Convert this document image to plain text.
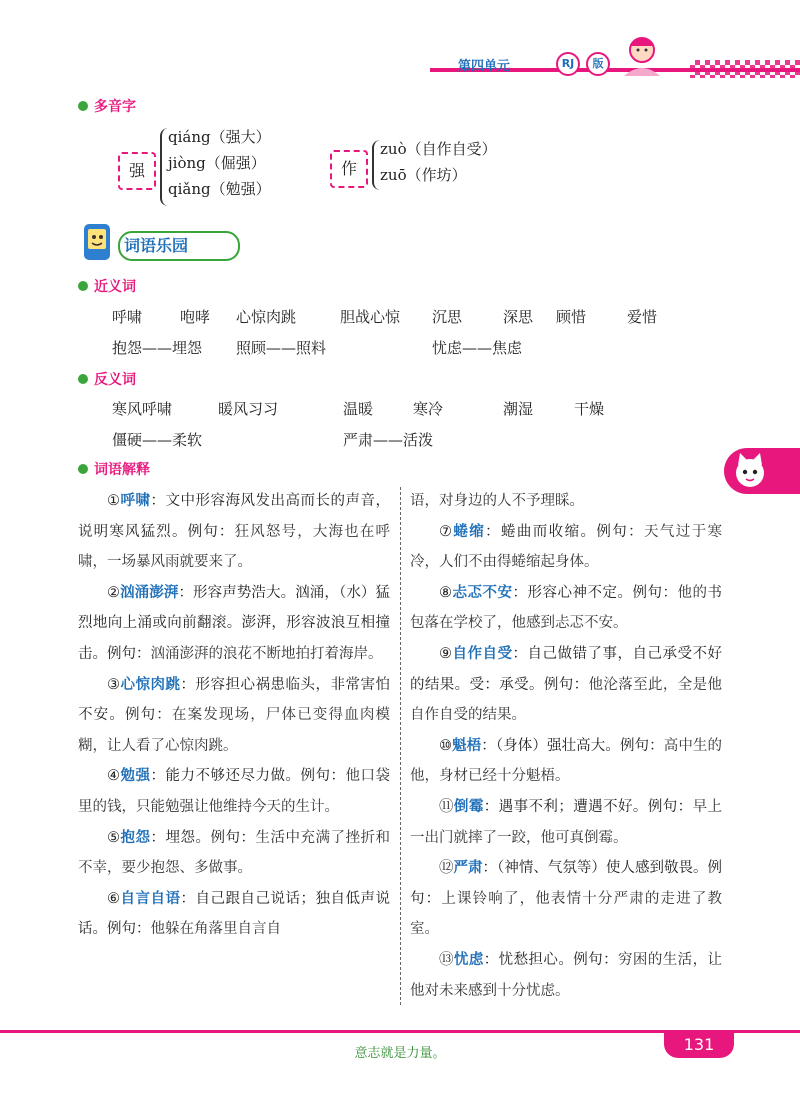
第四单元	RJ	版
多音字
强
qiáng（强大）
jiòng（倔强）
qiǎng（勉强）
作
zuò（自作自受）
zuō（作坊）
词语乐园
近义词
呼啸	咆哮 心惊肉跳	胆战心惊 沉思	深思 顾惜	爱惜
抱怨——埋怨 照顾——照料	忧虑——焦虑
反义词
寒风呼啸	暖风习习	温暖	寒冷	潮湿	干燥
僵硬——柔软	严肃——活泼
词语解释

①呼啸：文中形容海风发出高而长的声音，说明寒风猛烈。例句：狂风怒号，大海也在呼啸，一场暴风雨就要来了。

②汹涌澎湃：形容声势浩大。汹涌，（水）猛烈地向上涌或向前翻滚。澎湃，形容波浪互相撞击。例句：汹涌澎湃的浪花不断地拍打着海岸。

③心惊肉跳：形容担心祸患临头，非常害怕不安。例句：在案发现场，尸体已变得血肉模糊，让人看了心惊肉跳。

④勉强：能力不够还尽力做。例句：他口袋里的钱，只能勉强让他维持今天的生计。

⑤抱怨：埋怨。例句：生活中充满了挫折和不幸，要少抱怨、多做事。

⑥自言自语：自己跟自己说话；独自低声说话。例句：他躲在角落里自言自

语，对身边的人不予理睬。

⑦蜷缩：蜷曲而收缩。例句：天气过于寒冷，人们不由得蜷缩起身体。

⑧忐忑不安：形容心神不定。例句：他的书包落在学校了，他感到忐忑不安。

⑨自作自受：自己做错了事，自己承受不好的结果。受：承受。例句：他沦落至此，全是他自作自受的结果。

⑩魁梧：（身体）强壮高大。例句：高中生的他，身材已经十分魁梧。

⑪倒霉：遇事不利；遭遇不好。例句：早上一出门就摔了一跤，他可真倒霉。

⑫严肃：（神情、气氛等）使人感到敬畏。例句：上课铃响了，他表情十分严肃的走进了教室。

⑬忧虑：忧愁担心。例句：穷困的生活，让他对未来感到十分忧虑。

意志就是力量。	131
